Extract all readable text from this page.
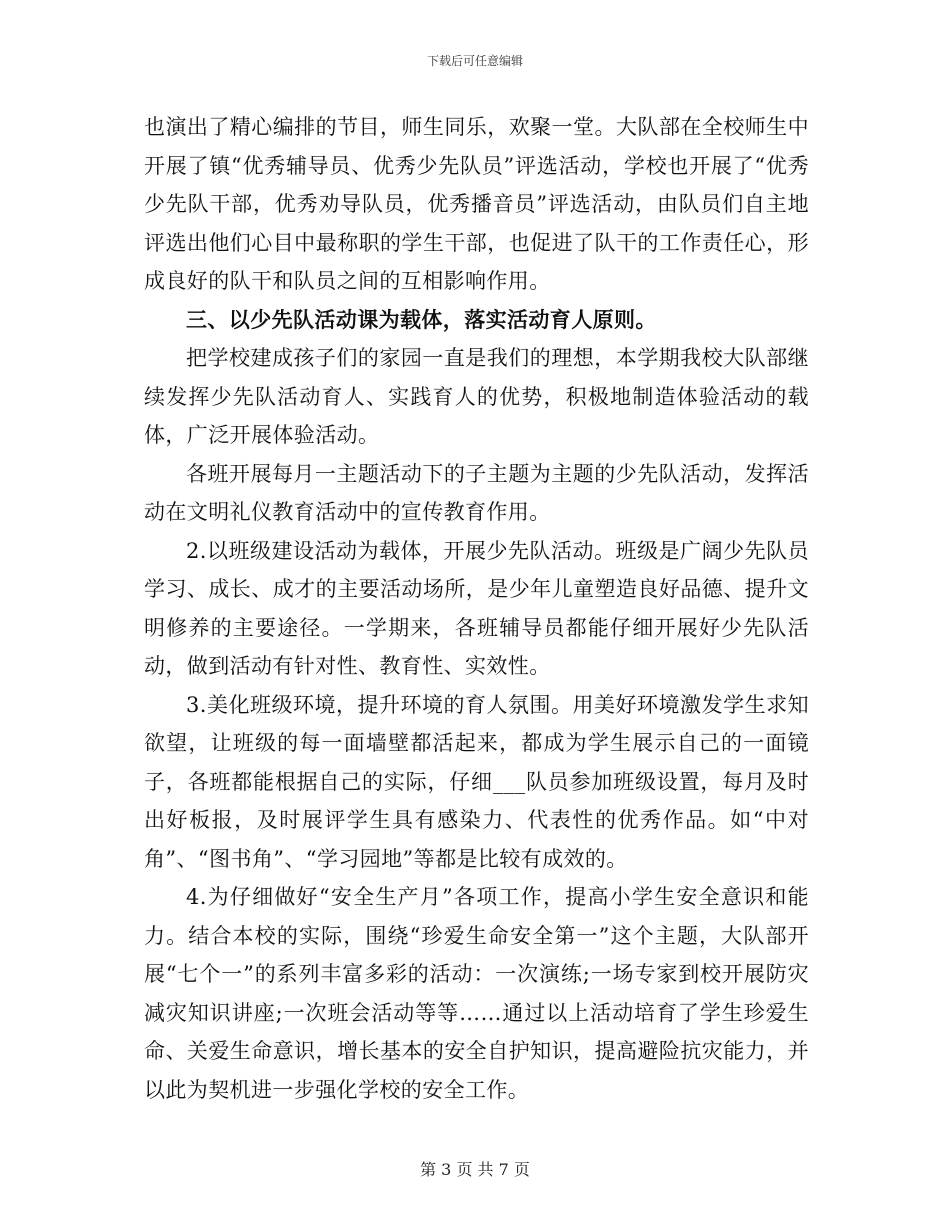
下载后可任意编辑

也演出了精心编排的节目，师生同乐，欢聚一堂。大队部在全校师生中开展了镇“优秀辅导员、优秀少先队员”评选活动，学校也开展了“优秀少先队干部，优秀劝导队员，优秀播音员”评选活动，由队员们自主地评选出他们心目中最称职的学生干部，也促进了队干的工作责任心，形成良好的队干和队员之间的互相影响作用。

三、以少先队活动课为载体，落实活动育人原则。

把学校建成孩子们的家园一直是我们的理想，本学期我校大队部继续发挥少先队活动育人、实践育人的优势，积极地制造体验活动的载体，广泛开展体验活动。

各班开展每月一主题活动下的子主题为主题的少先队活动，发挥活动在文明礼仪教育活动中的宣传教育作用。

2.以班级建设活动为载体，开展少先队活动。班级是广阔少先队员学习、成长、成才的主要活动场所，是少年儿童塑造良好品德、提升文明修养的主要途径。一学期来，各班辅导员都能仔细开展好少先队活动，做到活动有针对性、教育性、实效性。

3.美化班级环境，提升环境的育人氛围。用美好环境激发学生求知欲望，让班级的每一面墙壁都活起来，都成为学生展示自己的一面镜子，各班都能根据自己的实际，仔细___队员参加班级设置，每月及时出好板报，及时展评学生具有感染力、代表性的优秀作品。如“中对角”、“图书角”、“学习园地”等都是比较有成效的。

4.为仔细做好“安全生产月”各项工作，提高小学生安全意识和能力。结合本校的实际，围绕“珍爱生命安全第一”这个主题，大队部开展“七个一”的系列丰富多彩的活动：一次演练;一场专家到校开展防灾减灾知识讲座;一次班会活动等等……通过以上活动培育了学生珍爱生命、关爱生命意识，增长基本的安全自护知识，提高避险抗灾能力，并以此为契机进一步强化学校的安全工作。

第 3 页 共 7 页
